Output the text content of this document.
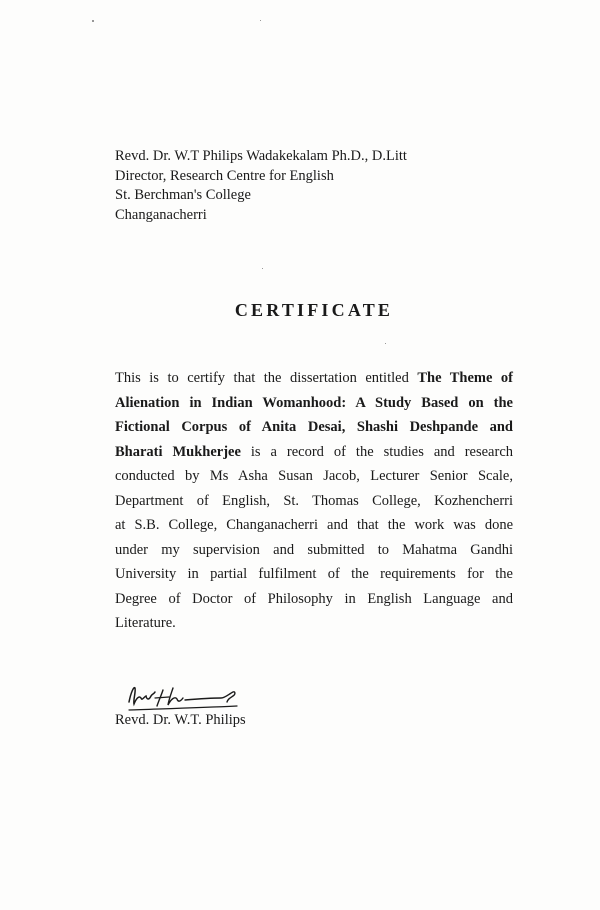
Revd. Dr. W.T Philips Wadakekalam Ph.D., D.Litt
Director, Research Centre for English
St. Berchman's College
Changanacherri
CERTIFICATE
This is to certify that the dissertation entitled The Theme of
Alienation in Indian Womanhood: A Study Based on the
Fictional Corpus of Anita Desai, Shashi Deshpande and
Bharati Mukherjee is a record of the studies and research
conducted by Ms Asha Susan Jacob, Lecturer Senior Scale,
Department of English, St. Thomas College, Kozhencherri
at S.B. College, Changanacherri and that the work was done
under my supervision and submitted to Mahatma Gandhi
University in partial fulfilment of the requirements for the
Degree of Doctor of Philosophy in English Language and
Literature.
Revd. Dr. W.T. Philips
